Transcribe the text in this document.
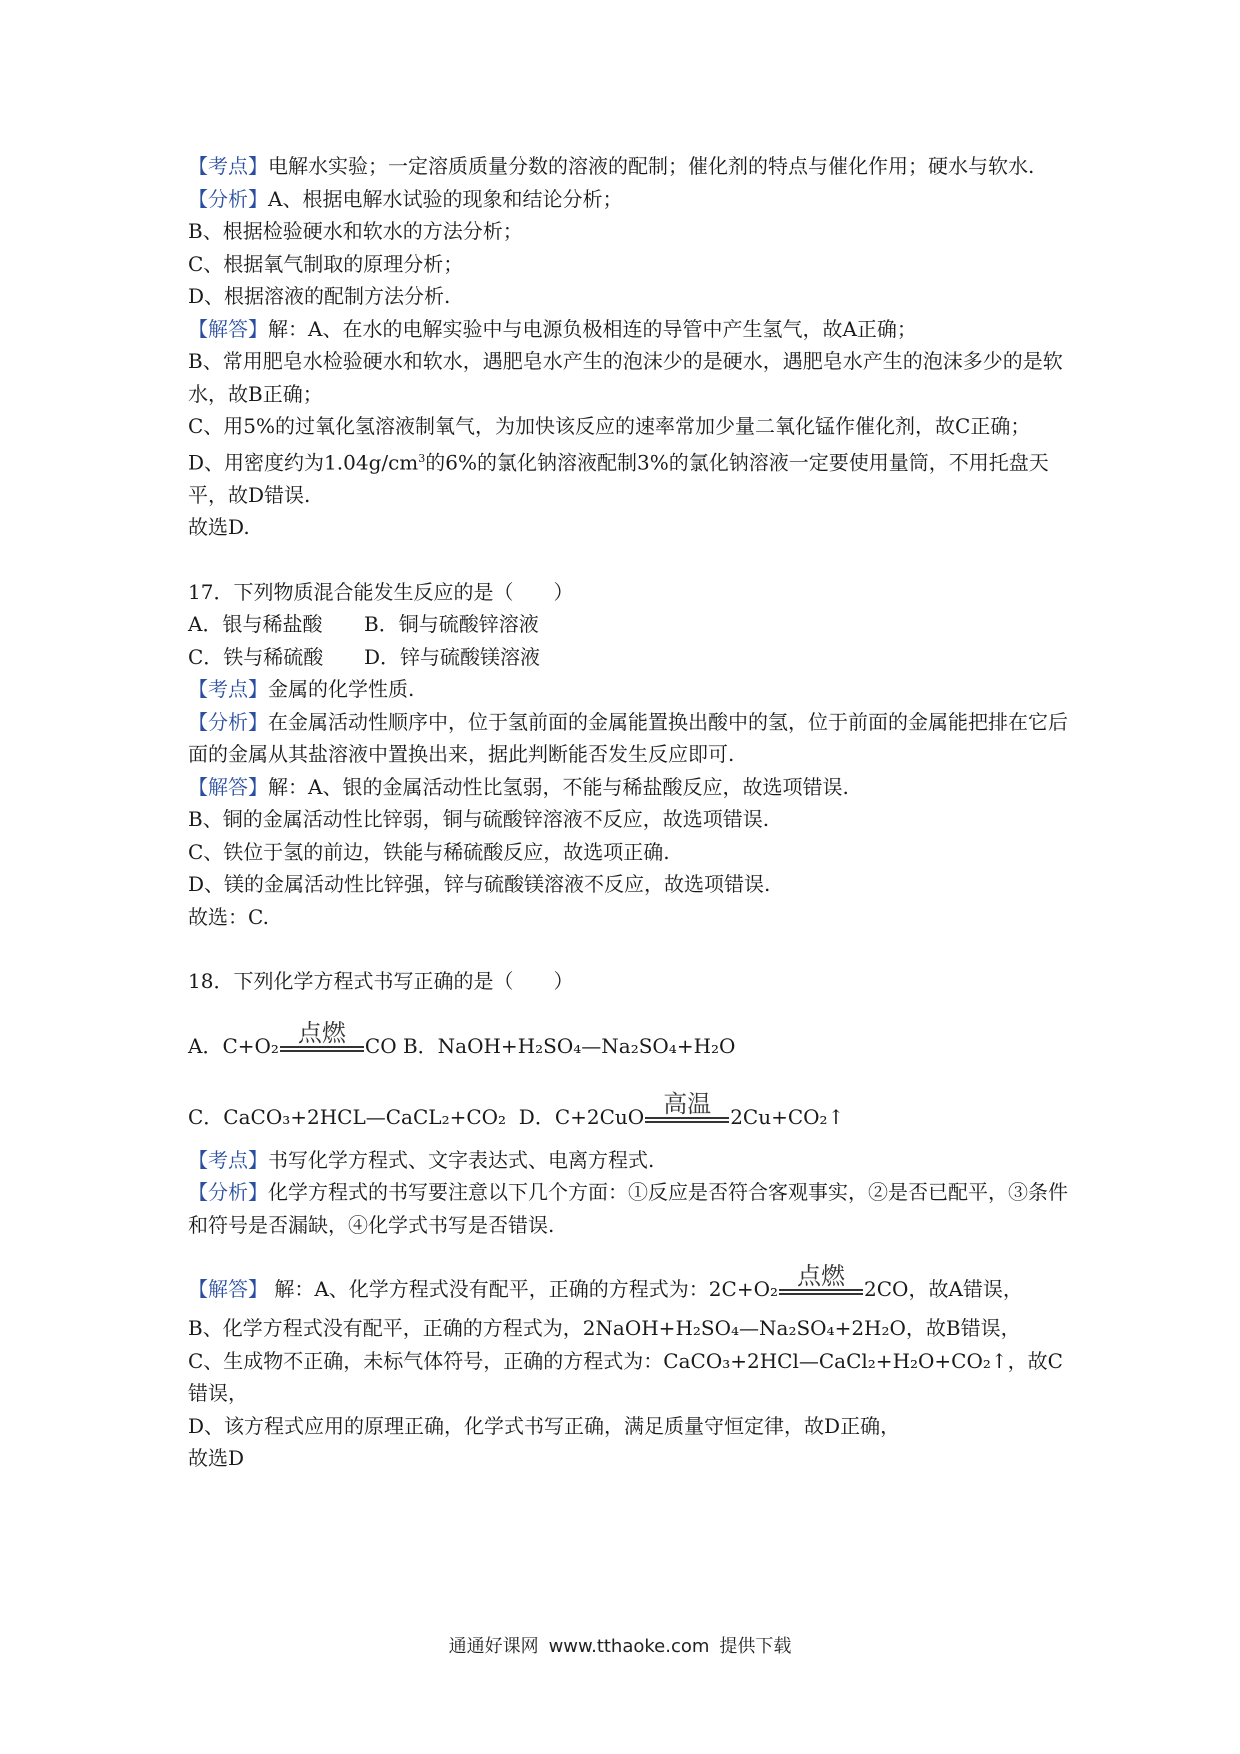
【考点】电解水实验；一定溶质质量分数的溶液的配制；催化剂的特点与催化作用；硬水与软水.
【分析】A、根据电解水试验的现象和结论分析；
B、根据检验硬水和软水的方法分析；
C、根据氧气制取的原理分析；
D、根据溶液的配制方法分析.
【解答】解：A、在水的电解实验中与电源负极相连的导管中产生氢气，故A正确；
B、常用肥皂水检验硬水和软水，遇肥皂水产生的泡沫少的是硬水，遇肥皂水产生的泡沫多少的是软水，故B正确；
C、用5%的过氧化氢溶液制氧气，为加快该反应的速率常加少量二氧化锰作催化剂，故C正确；
D、用密度约为$1.04g/cm^3$的6%的氯化钠溶液配制3%的氯化钠溶液一定要使用量筒，不用托盘天平，故D错误.
故选D.
17．下列物质混合能发生反应的是（　　）
A．银与稀盐酸 B．铜与硫酸锌溶液
C．铁与稀硫酸 D．锌与硫酸镁溶液
【考点】金属的化学性质.
【分析】在金属活动性顺序中，位于氢前面的金属能置换出酸中的氢，位于前面的金属能把排在它后面的金属从其盐溶液中置换出来，据此判断能否发生反应即可.
【解答】解：A、银的金属活动性比氢弱，不能与稀盐酸反应，故选项错误.
B、铜的金属活动性比锌弱，铜与硫酸锌溶液不反应，故选项错误.
C、铁位于氢的前边，铁能与稀硫酸反应，故选项正确.
D、镁的金属活动性比锌强，锌与硫酸镁溶液不反应，故选项错误.
故选：C.
18．下列化学方程式书写正确的是（　　）
A．C+O₂ 点燃 CO B．NaOH+H₂SO₄—Na₂SO₄+H₂O
C．CaCO₃+2HCL—CaCL₂+CO₂ D．C+2CuO 高温 2Cu+CO₂↑
【考点】书写化学方程式、文字表达式、电离方程式.
【分析】化学方程式的书写要注意以下几个方面：①反应是否符合客观事实，②是否已配平，③条件和符号是否漏缺，④化学式书写是否错误.
【解答】 解：A、化学方程式没有配平，正确的方程式为：2C+O₂ 点燃 2CO，故A错误，
B、化学方程式没有配平，正确的方程式为，2NaOH+H₂SO₄—Na₂SO₄+2H₂O，故B错误，
C、生成物不正确，未标气体符号，正确的方程式为：CaCO₃+2HCl—CaCl₂+H₂O+CO₂↑，故C错误，
D、该方程式应用的原理正确，化学式书写正确，满足质量守恒定律，故D正确，
故选D
通通好课网 www.tthaoke.com 提供下载
